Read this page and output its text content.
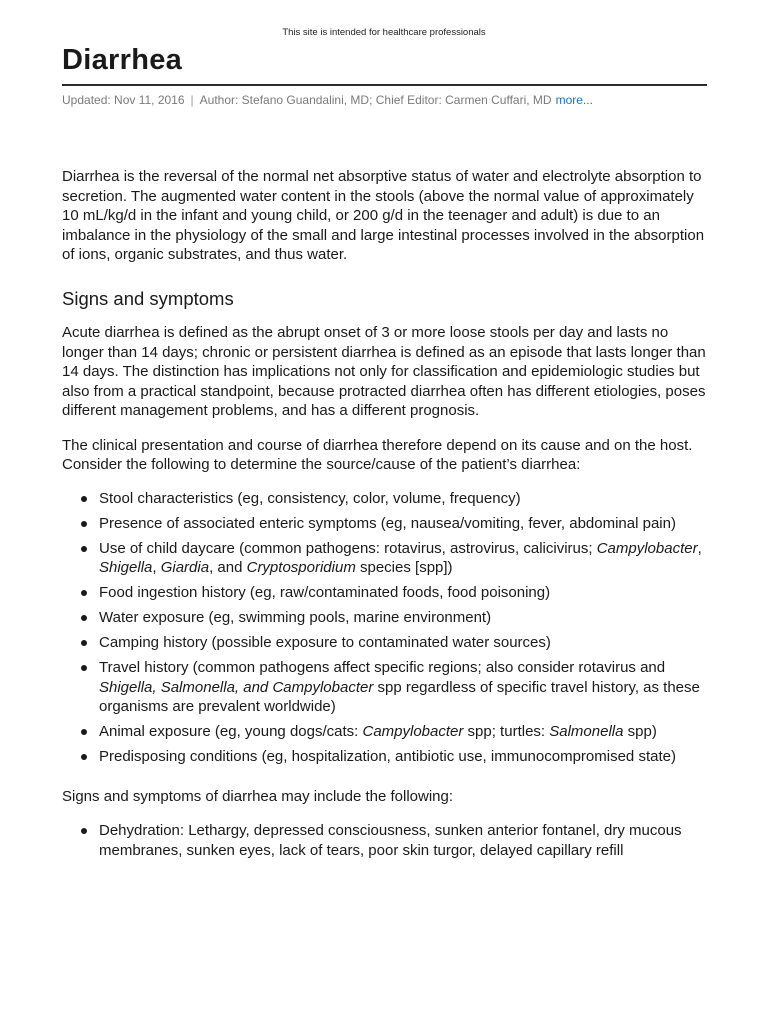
This site is intended for healthcare professionals
Diarrhea
Updated: Nov 11, 2016 | Author: Stefano Guandalini, MD; Chief Editor: Carmen Cuffari, MD more...

Diarrhea is the reversal of the normal net absorptive status of water and electrolyte absorption to secretion. The augmented water content in the stools (above the normal value of approximately 10 mL/kg/d in the infant and young child, or 200 g/d in the teenager and adult) is due to an imbalance in the physiology of the small and large intestinal processes involved in the absorption of ions, organic substrates, and thus water.

Signs and symptoms

Acute diarrhea is defined as the abrupt onset of 3 or more loose stools per day and lasts no longer than 14 days; chronic or persistent diarrhea is defined as an episode that lasts longer than 14 days. The distinction has implications not only for classification and epidemiologic studies but also from a practical standpoint, because protracted diarrhea often has different etiologies, poses different management problems, and has a different prognosis.

The clinical presentation and course of diarrhea therefore depend on its cause and on the host. Consider the following to determine the source/cause of the patient’s diarrhea:

Stool characteristics (eg, consistency, color, volume, frequency)
Presence of associated enteric symptoms (eg, nausea/vomiting, fever, abdominal pain)
Use of child daycare (common pathogens: rotavirus, astrovirus, calicivirus; Campylobacter, Shigella, Giardia, and Cryptosporidium species [spp])
Food ingestion history (eg, raw/contaminated foods, food poisoning)
Water exposure (eg, swimming pools, marine environment)
Camping history (possible exposure to contaminated water sources)
Travel history (common pathogens affect specific regions; also consider rotavirus and Shigella, Salmonella, and Campylobacter spp regardless of specific travel history, as these organisms are prevalent worldwide)
Animal exposure (eg, young dogs/cats: Campylobacter spp; turtles: Salmonella spp)
Predisposing conditions (eg, hospitalization, antibiotic use, immunocompromised state)

Signs and symptoms of diarrhea may include the following:

Dehydration: Lethargy, depressed consciousness, sunken anterior fontanel, dry mucous membranes, sunken eyes, lack of tears, poor skin turgor, delayed capillary refill
